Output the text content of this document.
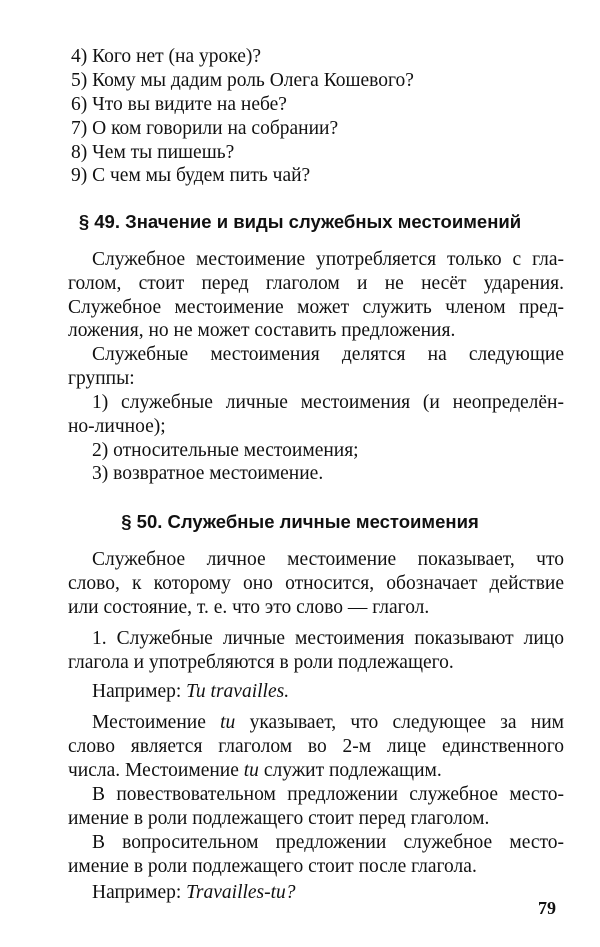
4) Кого нет (на уроке)?
5) Кому мы дадим роль Олега Кошевого?
6) Что вы видите на небе?
7) О ком говорили на собрании?
8) Чем ты пишешь?
9) С чем мы будем пить чай?
§ 49. Значение и виды служебных местоимений
Служебное местоимение употребляется только с гла-
голом, стоит перед глаголом и не несёт ударения.
Служебное местоимение может служить членом пред-
ложения, но не может составить предложения.
Служебные местоимения делятся на следующие
группы:
1) служебные личные местоимения (и неопределён-
но-личное);
2) относительные местоимения;
3) возвратное местоимение.
§ 50. Служебные личные местоимения
Служебное личное местоимение показывает, что
слово, к которому оно относится, обозначает действие
или состояние, т. е. что это слово — глагол.
1. Служебные личные местоимения показывают лицо
глагола и употребляются в роли подлежащего.
Например: Tu travailles.
Местоимение tu указывает, что следующее за ним
слово является глаголом во 2-м лице единственного
числа. Местоимение tu служит подлежащим.
В повествовательном предложении служебное место-
имение в роли подлежащего стоит перед глаголом.
В вопросительном предложении служебное место-
имение в роли подлежащего стоит после глагола.
Например: Travailles-tu?
79
